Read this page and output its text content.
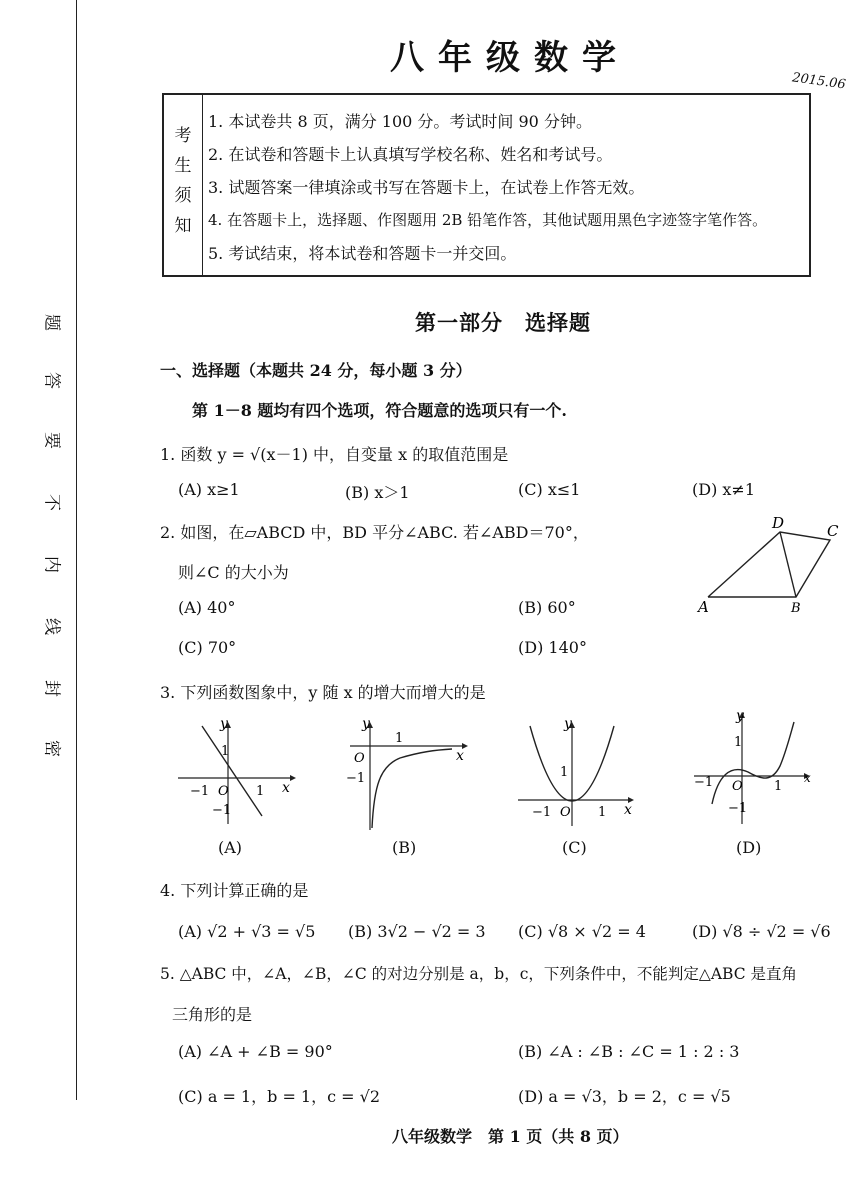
题
答
要
不
内
线
封
密
八年级数学
2015.06
考
生
须
知
1. 本试卷共 8 页，满分 100 分。考试时间 90 分钟。
2. 在试卷和答题卡上认真填写学校名称、姓名和考试号。
3. 试题答案一律填涂或书写在答题卡上，在试卷上作答无效。
4. 在答题卡上，选择题、作图题用 2B 铅笔作答，其他试题用黑色字迹签字笔作答。
5. 考试结束，将本试卷和答题卡一并交回。
第一部分　选择题
一、选择题（本题共 24 分，每小题 3 分）
第 1－8 题均有四个选项，符合题意的选项只有一个.
1. 函数 y = √(x－1) 中，自变量 x 的取值范围是
(A) x≥1	(B) x＞1	(C) x≤1	(D) x≠1
2. 如图，在▱ABCD 中，BD 平分∠ABC. 若∠ABD＝70°，
则∠C 的大小为
(A) 40°	(B) 60°
(C) 70°	(D) 140°
A	B
D	C
3. 下列函数图象中，y 随 x 的增大而增大的是
x
y
O
1
1
−1
−1
(A)
x
y
O
1
−1
(B)
x
y
O
1
1
−1
(C)
x
y
O
1
1
−1
−1
(D)
4. 下列计算正确的是
(A) √2 + √3 = √5 (B) 3√2 − √2 = 3 (C) √8 × √2 = 4	(D) √8 ÷ √2 = √6
5. △ABC 中，∠A，∠B，∠C 的对边分别是 a，b，c，下列条件中，不能判定△ABC 是直角
三角形的是
(A) ∠A + ∠B = 90°	(B) ∠A : ∠B : ∠C = 1 : 2 : 3
(C) a = 1，b = 1，c = √2	(D) a = √3，b = 2，c = √5
八年级数学　第 1 页（共 8 页）
